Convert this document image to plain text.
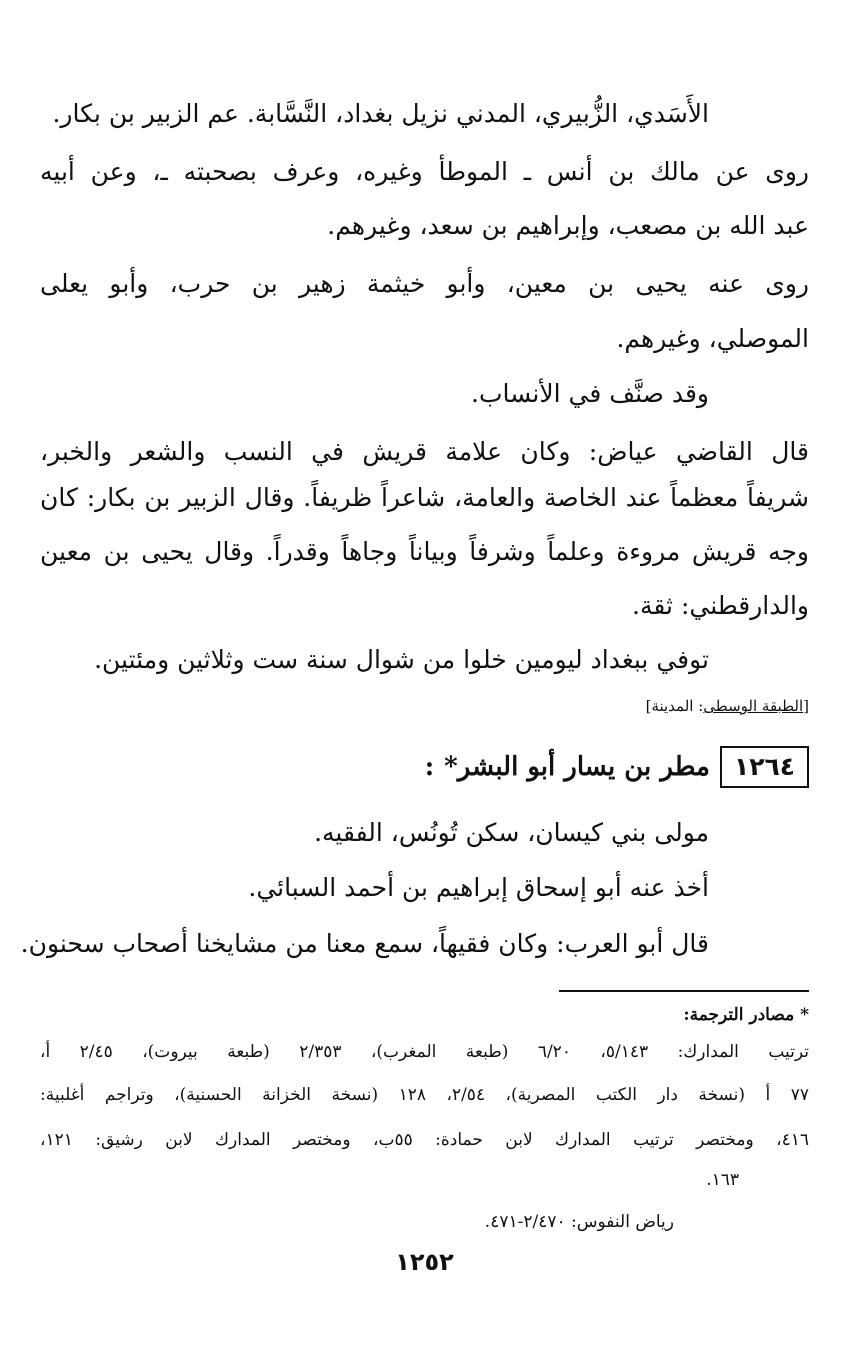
الأَسَدي، الزُّبيري، المدني نزيل بغداد، النَّسَّابة. عم الزبير بن بكار.
روى عن مالك بن أنس ـ الموطأ وغيره، وعرف بصحبته ـ، وعن أبيه
عبد الله بن مصعب، وإبراهيم بن سعد، وغيرهم.
روى عنه يحيى بن معين، وأبو خيثمة زهير بن حرب، وأبو يعلى
الموصلي، وغيرهم.
وقد صنَّف في الأنساب.
قال القاضي عياض: وكان علامة قريش في النسب والشعر والخبر،
شريفاً معظماً عند الخاصة والعامة، شاعراً ظريفاً. وقال الزبير بن بكار: كان
وجه قريش مروءة وعلماً وشرفاً وبياناً وجاهاً وقدراً. وقال يحيى بن معين
والدارقطني: ثقة.
توفي ببغداد ليومين خلوا من شوال سنة ست وثلاثين ومئتين.
[الطبقة الوسطى: المدينة]
١٢٦٤
مطر بن يسار أبو البشر*
:
مولى بني كيسان، سكن تُونُس، الفقيه.
أخذ عنه أبو إسحاق إبراهيم بن أحمد السبائي.
قال أبو العرب: وكان فقيهاً، سمع معنا من مشايخنا أصحاب سحنون.
* مصادر الترجمة:
ترتيب المدارك: ٥/١٤٣، ٦/٢٠ (طبعة المغرب)، ٢/٣٥٣ (طبعة بيروت)، ٢/٤٥ أ،
٧٧ أ (نسخة دار الكتب المصرية)، ٢/٥٤، ١٢٨ (نسخة الخزانة الحسنية)، وتراجم أغلبية:
٤١٦، ومختصر ترتيب المدارك لابن حمادة: ٥٥ب، ومختصر المدارك لابن رشيق: ١٢١،
١٦٣.
رياض النفوس: ٢/٤٧٠-٤٧١.
١٢٥٢
